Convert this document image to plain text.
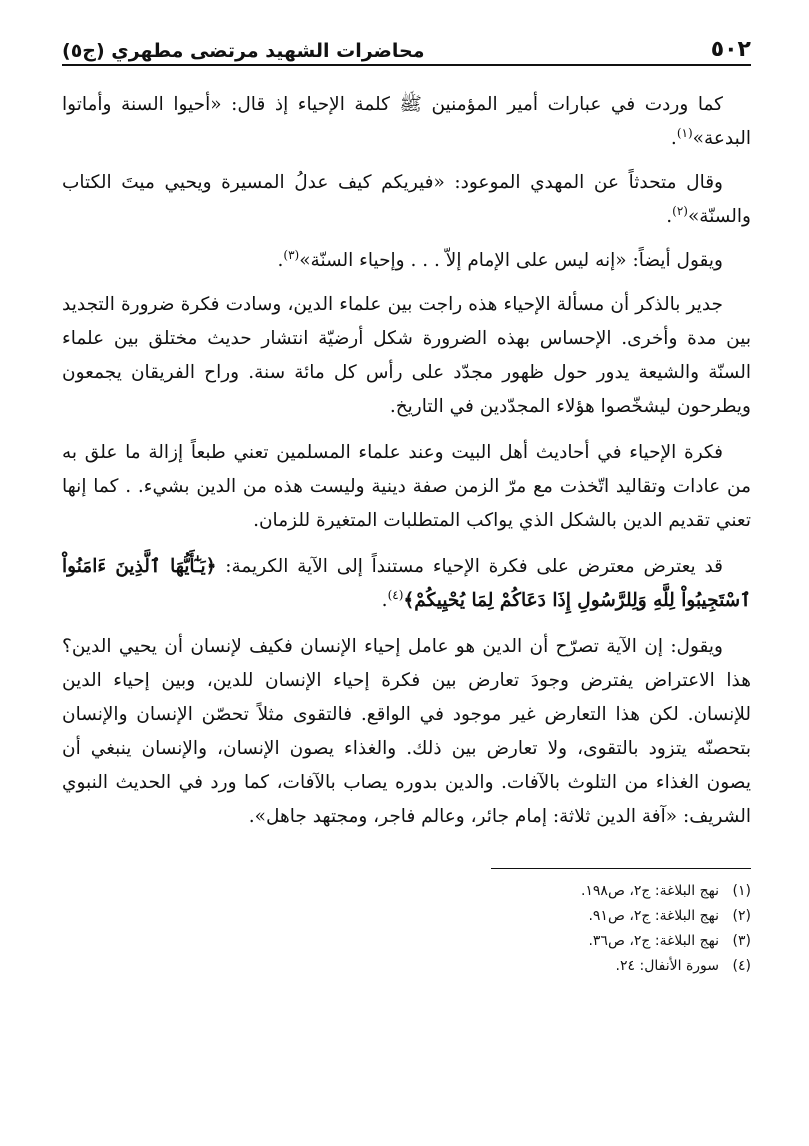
٥٠٢
محاضرات الشهيد مرتضى مطهري (ج٥)

كما وردت في عبارات أمير المؤمنين ﷺ كلمة الإحياء إذ قال: «أحيوا السنة وأماتوا البدعة»$^{(١)}$.

وقال متحدثاً عن المهدي الموعود: «فيريكم كيف عدلُ المسيرة ويحيي ميتَ الكتاب والسنّة»$^{(٢)}$.

ويقول أيضاً: «إنه ليس على الإمام إلاّ . . . وإحياء السنّة»$^{(٣)}$.

جدير بالذكر أن مسألة الإحياء هذه راجت بين علماء الدين، وسادت فكرة ضرورة التجديد بين مدة وأخرى. الإحساس بهذه الضرورة شكل أرضيّة انتشار حديث مختلق بين علماء السنّة والشيعة يدور حول ظهور مجدّد على رأس كل مائة سنة. وراح الفريقان يجمعون ويطرحون ليشخّصوا هؤلاء المجدّدين في التاريخ.

فكرة الإحياء في أحاديث أهل البيت وعند علماء المسلمين تعني طبعاً إزالة ما علق به من عادات وتقاليد اتّخذت مع مرّ الزمن صفة دينية وليست هذه من الدين بشيء. . كما إنها تعني تقديم الدين بالشكل الذي يواكب المتطلبات المتغيرة للزمان.

قد يعترض معترض على فكرة الإحياء مستنداً إلى الآية الكريمة: ﴿يَـٰٓأَيُّهَا ٱلَّذِينَ ءَامَنُواْ ٱسْتَجِيبُواْ لِلَّهِ وَلِلرَّسُولِ إِذَا دَعَاكُمْ لِمَا يُحْيِيكُمْ﴾$^{(٤)}$.

ويقول: إن الآية تصرّح أن الدين هو عامل إحياء الإنسان فكيف لإنسان أن يحيي الدين؟ هذا الاعتراض يفترض وجودَ تعارض بين فكرة إحياء الإنسان للدين، وبين إحياء الدين للإنسان. لكن هذا التعارض غير موجود في الواقع. فالتقوى مثلاً تحصّن الإنسان والإنسان بتحصنّه يتزود بالتقوى، ولا تعارض بين ذلك. والغذاء يصون الإنسان، والإنسان ينبغي أن يصون الغذاء من التلوث بالآفات. والدين بدوره يصاب بالآفات، كما ورد في الحديث النبوي الشريف: «آفة الدين ثلاثة: إمام جائر، وعالم فاجر، ومجتهد جاهل».

(١)
نهج البلاغة: ج٢، ص١٩٨.
(٢)
نهج البلاغة: ج٢، ص٩١.
(٣)
نهج البلاغة: ج٢، ص٣٦.
(٤)
سورة الأنفال: ٢٤.
